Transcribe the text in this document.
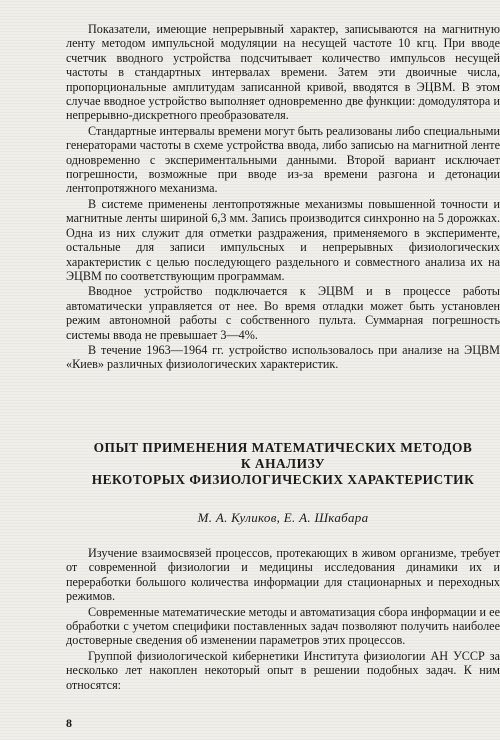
Показатели, имеющие непрерывный характер, записываются на магнитную ленту методом импульсной модуляции на несущей частоте 10 кгц. При вводе счетчик вводного устройства подсчитывает количество импульсов несущей частоты в стандартных интервалах времени. Затем эти двоичные числа, пропорциональные амплитудам записанной кривой, вводятся в ЭЦВМ. В этом случае вводное устройство выполняет одновременно две функции: домодулятора и непрерывно-дискретного преобразователя.

Стандартные интервалы времени могут быть реализованы либо специальными генераторами частоты в схеме устройства ввода, либо записью на магнитной ленте одновременно с экспериментальными данными. Второй вариант исключает погрешности, возможные при вводе из-за времени разгона и детонации лентопротяжного механизма.

В системе применены лентопротяжные механизмы повышенной точности и магнитные ленты шириной 6,3 мм. Запись производится синхронно на 5 дорожках. Одна из них служит для отметки раздражения, применяемого в эксперименте, остальные для записи импульсных и непрерывных физиологических характеристик с целью последующего раздельного и совместного анализа их на ЭЦВМ по соответствующим программам.

Вводное устройство подключается к ЭЦВМ и в процессе работы автоматически управляется от нее. Во время отладки может быть установлен режим автономной работы с собственного пульта. Суммарная погрешность системы ввода не превышает 3—4%.

В течение 1963—1964 гг. устройство использовалось при анализе на ЭЦВМ «Киев» различных физиологических характеристик.

ОПЫТ ПРИМЕНЕНИЯ МАТЕМАТИЧЕСКИХ МЕТОДОВ
К АНАЛИЗУ
НЕКОТОРЫХ ФИЗИОЛОГИЧЕСКИХ ХАРАКТЕРИСТИК
М. А. Куликов, Е. А. Шкабара

Изучение взаимосвязей процессов, протекающих в живом организме, требует от современной физиологии и медицины исследования динамики их и переработки большого количества информации для стационарных и переходных режимов.

Современные математические методы и автоматизация сбора информации и ее обработки с учетом специфики поставленных задач позволяют получить наиболее достоверные сведения об изменении параметров этих процессов.

Группой физиологической кибернетики Института физиологии АН УССР за несколько лет накоплен некоторый опыт в решении подобных задач. К ним относятся:

8
